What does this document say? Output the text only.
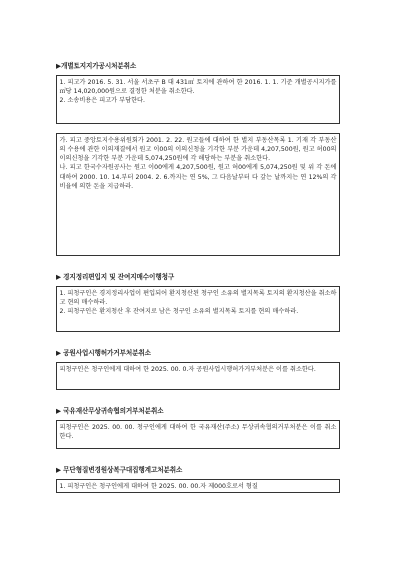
▶개별토지지가공시처분취소

1. 피고가 2016. 5. 31. 서울 서초구 B 대 431㎡ 토지에 관하여 한 2016. 1. 1. 기준 개별공시지가를 ㎡당 14,020,000원으로 결정한 처분을 취소한다.

2. 소송비용은 피고가 부담한다.

가. 피고 중앙토지수용위원회가 2001. 2. 22. 원고들에 대하여 한 별지 부동산목록 1. 기재 각 부동산의 수용에 관한 이의재결에서 원고 이00의 이의신청을 기각한 부분 가운데 4,207,500원, 원고 허00의 이의신청을 기각한 부분 가운데 5,074,250원에 각 해당하는 부분을 취소한다.

나. 피고 한국수자원공사는 원고 이00에게 4,207,500원, 원고 허00에게 5,074,250원 및 위 각 돈에 대하여 2000. 10. 14.부터 2004. 2. 6.까지는 연 5%, 그 다음날부터 다 갚는 날까지는 연 12%의 각 비율에 의한 돈을 지급하라.

▶ 경지정리편입지 및 잔여지매수이행청구

1. 피청구인은 경지정리사업이 편입되어 환지청산된 청구인 소유의 별지목록 토지의 환지청산을 취소하고 현의 매수하라.

2. 피청구인은 환지청산 후 잔여지로 남은 청구인 소유의 별지목록 토지를 현의 매수하라.

▶ 공원사업시행허가거부처분취소

피청구인은 청구인에게 대하여 한 2025. 00. 0.자 공원사업시행허가거부처분은 이를 취소한다.

▶ 국유재산무상귀속협의거부처분취소

피청구인은 2025. 00. 00. 청구인에게 대하여 한 국유재산(주소) 무상귀속협의거부처분은 이를 취소한다.

▶ 무단형질변경원상복구대집행계고처분취소

1. 피청구인은 청구인에게 대하여 한 2025. 00. 00.자 제000호로서 형질
